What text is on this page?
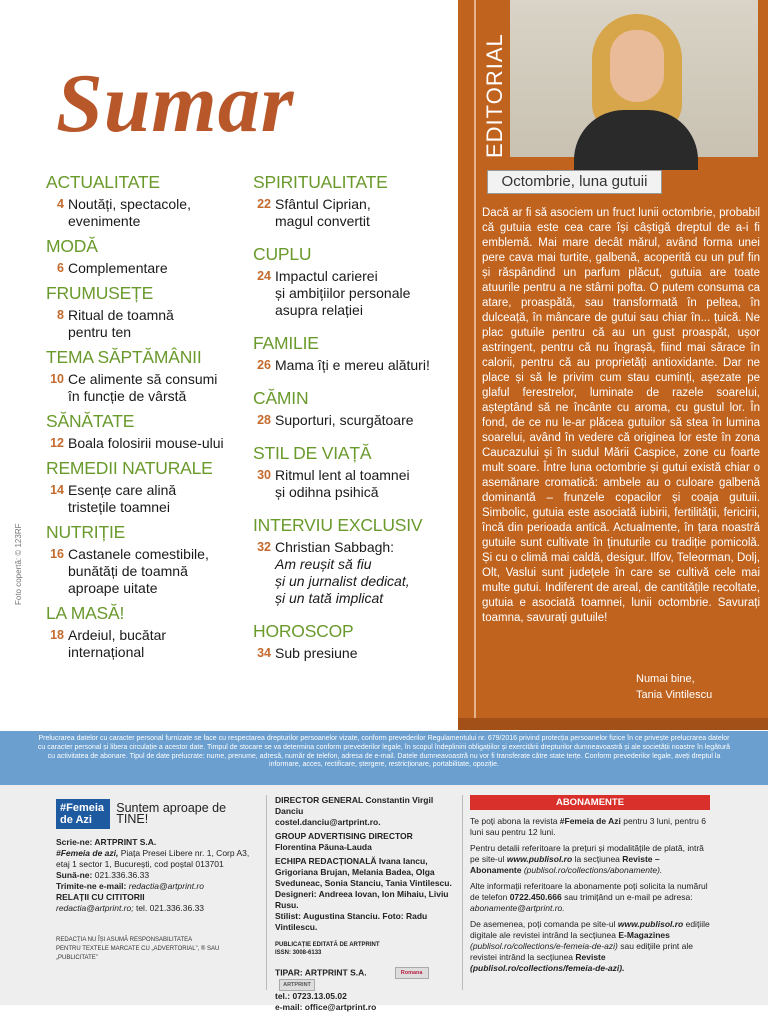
Sumar
ACTUALITATE
4 Noutăți, spectacole,
evenimente
MODĂ
6 Complementare
FRUMUSEȚE
8 Ritual de toamnă
pentru ten
TEMA SĂPTĂMÂNII
10 Ce alimente să consumi
în funcție de vârstă
SĂNĂTATE
12 Boala folosirii mouse-ului
REMEDII NATURALE
14 Esențe care alină
tristețile toamnei
NUTRIȚIE
16 Castanele comestibile,
bunătăți de toamnă
aproape uitate
LA MASĂ!
18 Ardeiul, bucătar
internațional
SPIRITUALITATE
22 Sfântul Ciprian,
magul convertit
CUPLU
24 Impactul carierei
și ambițiilor personale
asupra relației
FAMILIE
26 Mama îți e mereu alături!
CĂMIN
28 Suporturi, scurgătoare
STIL DE VIAȚĂ
30 Ritmul lent al toamnei
și odihna psihică
INTERVIU EXCLUSIV
32 Christian Sabbagh:
Am reușit să fiu
și un jurnalist dedicat,
și un tată implicat
HOROSCOP
34 Sub presiune
Foto copertă: © 123RF
EDITORIAL
Octombrie, luna gutuii
Dacă ar fi să asociem un fruct lunii octombrie, probabil că gutuia este cea care își câștigă dreptul de a-i fi emblemă. Mai mare decât mărul, având forma unei pere cava mai turtite, galbenă, acoperită cu un puf fin și răspândind un parfum plăcut, gutuia are toate atuurile pentru a ne stârni pofta. O putem consuma ca atare, proaspătă, sau transformată în peltea, în dulceață, în mâncare de gutui sau chiar în... țuică. Ne plac gutuile pentru că au un gust proaspăt, ușor astringent, pentru că nu îngrașă, fiind mai sărace în calorii, pentru că au proprietăți antioxidante. Dar ne place și să le privim cum stau cuminți, așezate pe glaful ferestrelor, luminate de razele soarelui, așteptând să ne încânte cu aroma, cu gustul lor. În fond, de ce nu le-ar plăcea gutuilor să stea în lumina soarelui, având în vedere că originea lor este în zona Caucazului și în sudul Mării Caspice, zone cu foarte mult soare. Între luna octombrie și gutui există chiar o asemănare cromatică: ambele au o culoare galbenă dominantă – frunzele copacilor și coaja gutuii. Simbolic, gutuia este asociată iubirii, fertilității, fericirii, încă din perioada antică. Actualmente, în țara noastră gutuile sunt cultivate în ținuturile cu tradiție pomicolă. Și cu o climă mai caldă, desigur. Ilfov, Teleorman, Dolj, Olt, Vaslui sunt județele în care se cultivă cele mai multe gutui. Indiferent de areal, de cantitățile recoltate, gutuia e asociată toamnei, lunii octombrie. Savurați toamna, savurați gutuile!
Numai bine,
Tania Vintilescu

Prelucrarea datelor cu caracter personal furnizate se face cu respectarea drepturilor persoanelor vizate, conform prevederilor Regulamentului nr. 679/2016 privind protecția persoanelor fizice în ce privește prelucrarea datelor cu caracter personal și libera circulație a acestor date. Timpul de stocare se va determina conform prevederilor legale, în scopul îndeplinirii obligațiilor și exercitării drepturilor dumneavoastră și ale societății noastre în legătură cu activitatea de abonare. Tipul de date prelucrate: nume, prenume, adresă, număr de telefon, adresa de e-mail. Datele dumneavoastră nu vor fi transferate către state terțe. Conform prevederilor legale, aveți dreptul la informare, acces, rectificare, ștergere, restricționare, portabilitate, opoziție.

#Femeia
de Azi
Suntem aproape de TINE!
Scrie-ne: ARTPRINT S.A.
#Femeia de azi, Piața Presei Libere nr. 1, Corp A3, etaj 1 sector 1, București, cod poștal 013701
Sună-ne: 021.336.36.33
Trimite-ne e-mail: redactia@artprint.ro
RELAȚII CU CITITORII
redactia@artprint.ro; tel. 021.336.36.33
REDACȚIA NU ÎȘI ASUMĂ RESPONSABILITATEA
PENTRU TEXTELE MARCATE CU „ADVERTORIAL”, ® SAU „PUBLICITATE”
DIRECTOR GENERAL Constantin Virgil Danciu
costel.danciu@artprint.ro.
GROUP ADVERTISING DIRECTOR
Florentina Păuna-Lauda
ECHIPA REDACȚIONALĂ Ivana Iancu, Grigoriana Brujan, Melania Badea, Olga Sveduneac, Sonia Stanciu, Tania Vintilescu.
Designeri: Andreea Iovan, Ion Mihaiu, Liviu Rusu.
Stilist: Augustina Stanciu. Foto: Radu Vintilescu.
PUBLICAȚIE EDITATĂ DE ARTPRINT
ISSN: 3008-6133
TIPAR: ARTPRINT S.A.	RomanaARTPRINT
tel.: 0723.13.05.02
e-mail: office@artprint.ro
ABONAMENTE

Te poți abona la revista #Femeia de Azi pentru 3 luni, pentru 6 luni sau pentru 12 luni.

Pentru detalii referitoare la prețuri și modalitățile de plată, intră pe site-ul www.publisol.ro la secțiunea Reviste – Abonamente (publisol.ro/collections/abonamente).

Alte informații referitoare la abonamente poți solicita la numărul de telefon 0722.450.666 sau trimițând un e-mail pe adresa: abonamente@artprint.ro.

De asemenea, poți comanda pe site-ul www.publisol.ro edițiile digitale ale revistei intrând la secțiunea E-Magazines (publisol.ro/collections/e-femeia-de-azi) sau edițiile print ale revistei intrând la secțiunea Reviste (publisol.ro/collections/femeia-de-azi).
